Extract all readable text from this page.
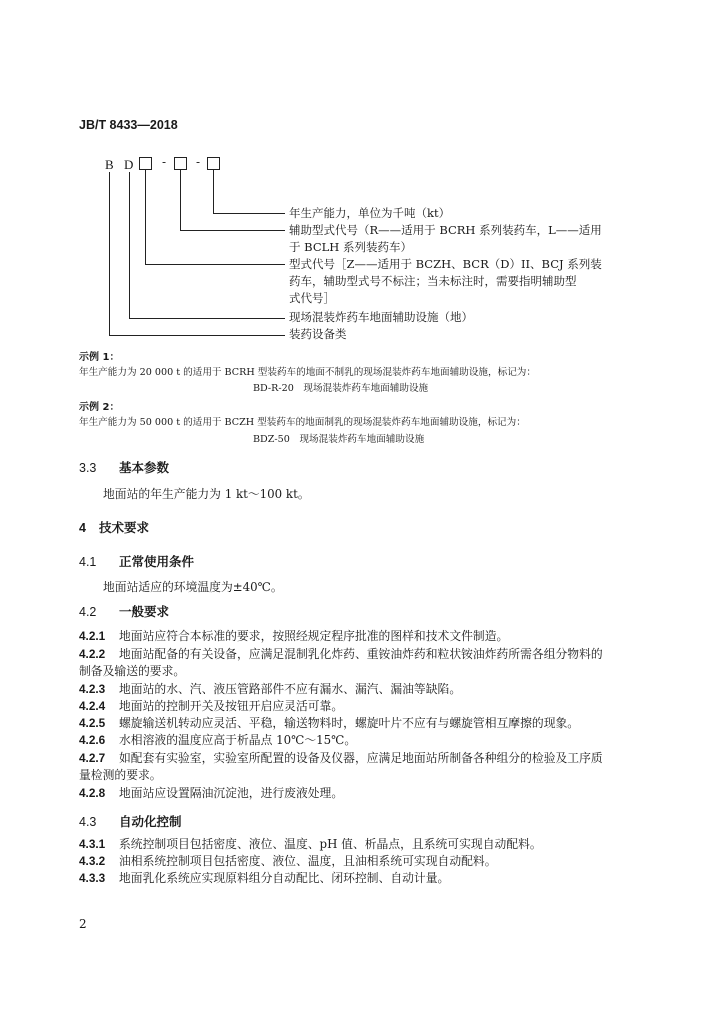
JB/T 8433—2018
B D - -
年生产能力，单位为千吨（kt）
辅助型式代号（R——适用于 BCRH 系列装药车，L——适用
于 BCLH 系列装药车）
型式代号［Z——适用于 BCZH、BCR（D）II、BCJ 系列装
药车，辅助型式号不标注；当未标注时，需要指明辅助型
式代号］
现场混装炸药车地面辅助设施（地）
装药设备类
示例 1：
年生产能力为 20 000 t 的适用于 BCRH 型装药车的地面不制乳的现场混装炸药车地面辅助设施，标记为：
BD-R-20　现场混装炸药车地面辅助设施
示例 2：
年生产能力为 50 000 t 的适用于 BCZH 型装药车的地面制乳的现场混装炸药车地面辅助设施，标记为：
BDZ-50　现场混装炸药车地面辅助设施
3.3 基本参数
地面站的年生产能力为 1 kt～100 kt。
4 技术要求
4.1 正常使用条件
地面站适应的环境温度为±40℃。
4.2 一般要求
4.2.1	地面站应符合本标准的要求，按照经规定程序批准的图样和技术文件制造。
4.2.2	地面站配备的有关设备，应满足混制乳化炸药、重铵油炸药和粒状铵油炸药所需各组分物料的
制备及输送的要求。
4.2.3	地面站的水、汽、液压管路部件不应有漏水、漏汽、漏油等缺陷。
4.2.4	地面站的控制开关及按钮开启应灵活可靠。
4.2.5	螺旋输送机转动应灵活、平稳，输送物料时，螺旋叶片不应有与螺旋管相互摩擦的现象。
4.2.6	水相溶液的温度应高于析晶点 10℃～15℃。
4.2.7	如配套有实验室，实验室所配置的设备及仪器，应满足地面站所制备各种组分的检验及工序质
量检测的要求。
4.2.8	地面站应设置隔油沉淀池，进行废液处理。
4.3 自动化控制
4.3.1	系统控制项目包括密度、液位、温度、pH 值、析晶点，且系统可实现自动配料。
4.3.2	油相系统控制项目包括密度、液位、温度，且油相系统可实现自动配料。
4.3.3	地面乳化系统应实现原料组分自动配比、闭环控制、自动计量。
2
